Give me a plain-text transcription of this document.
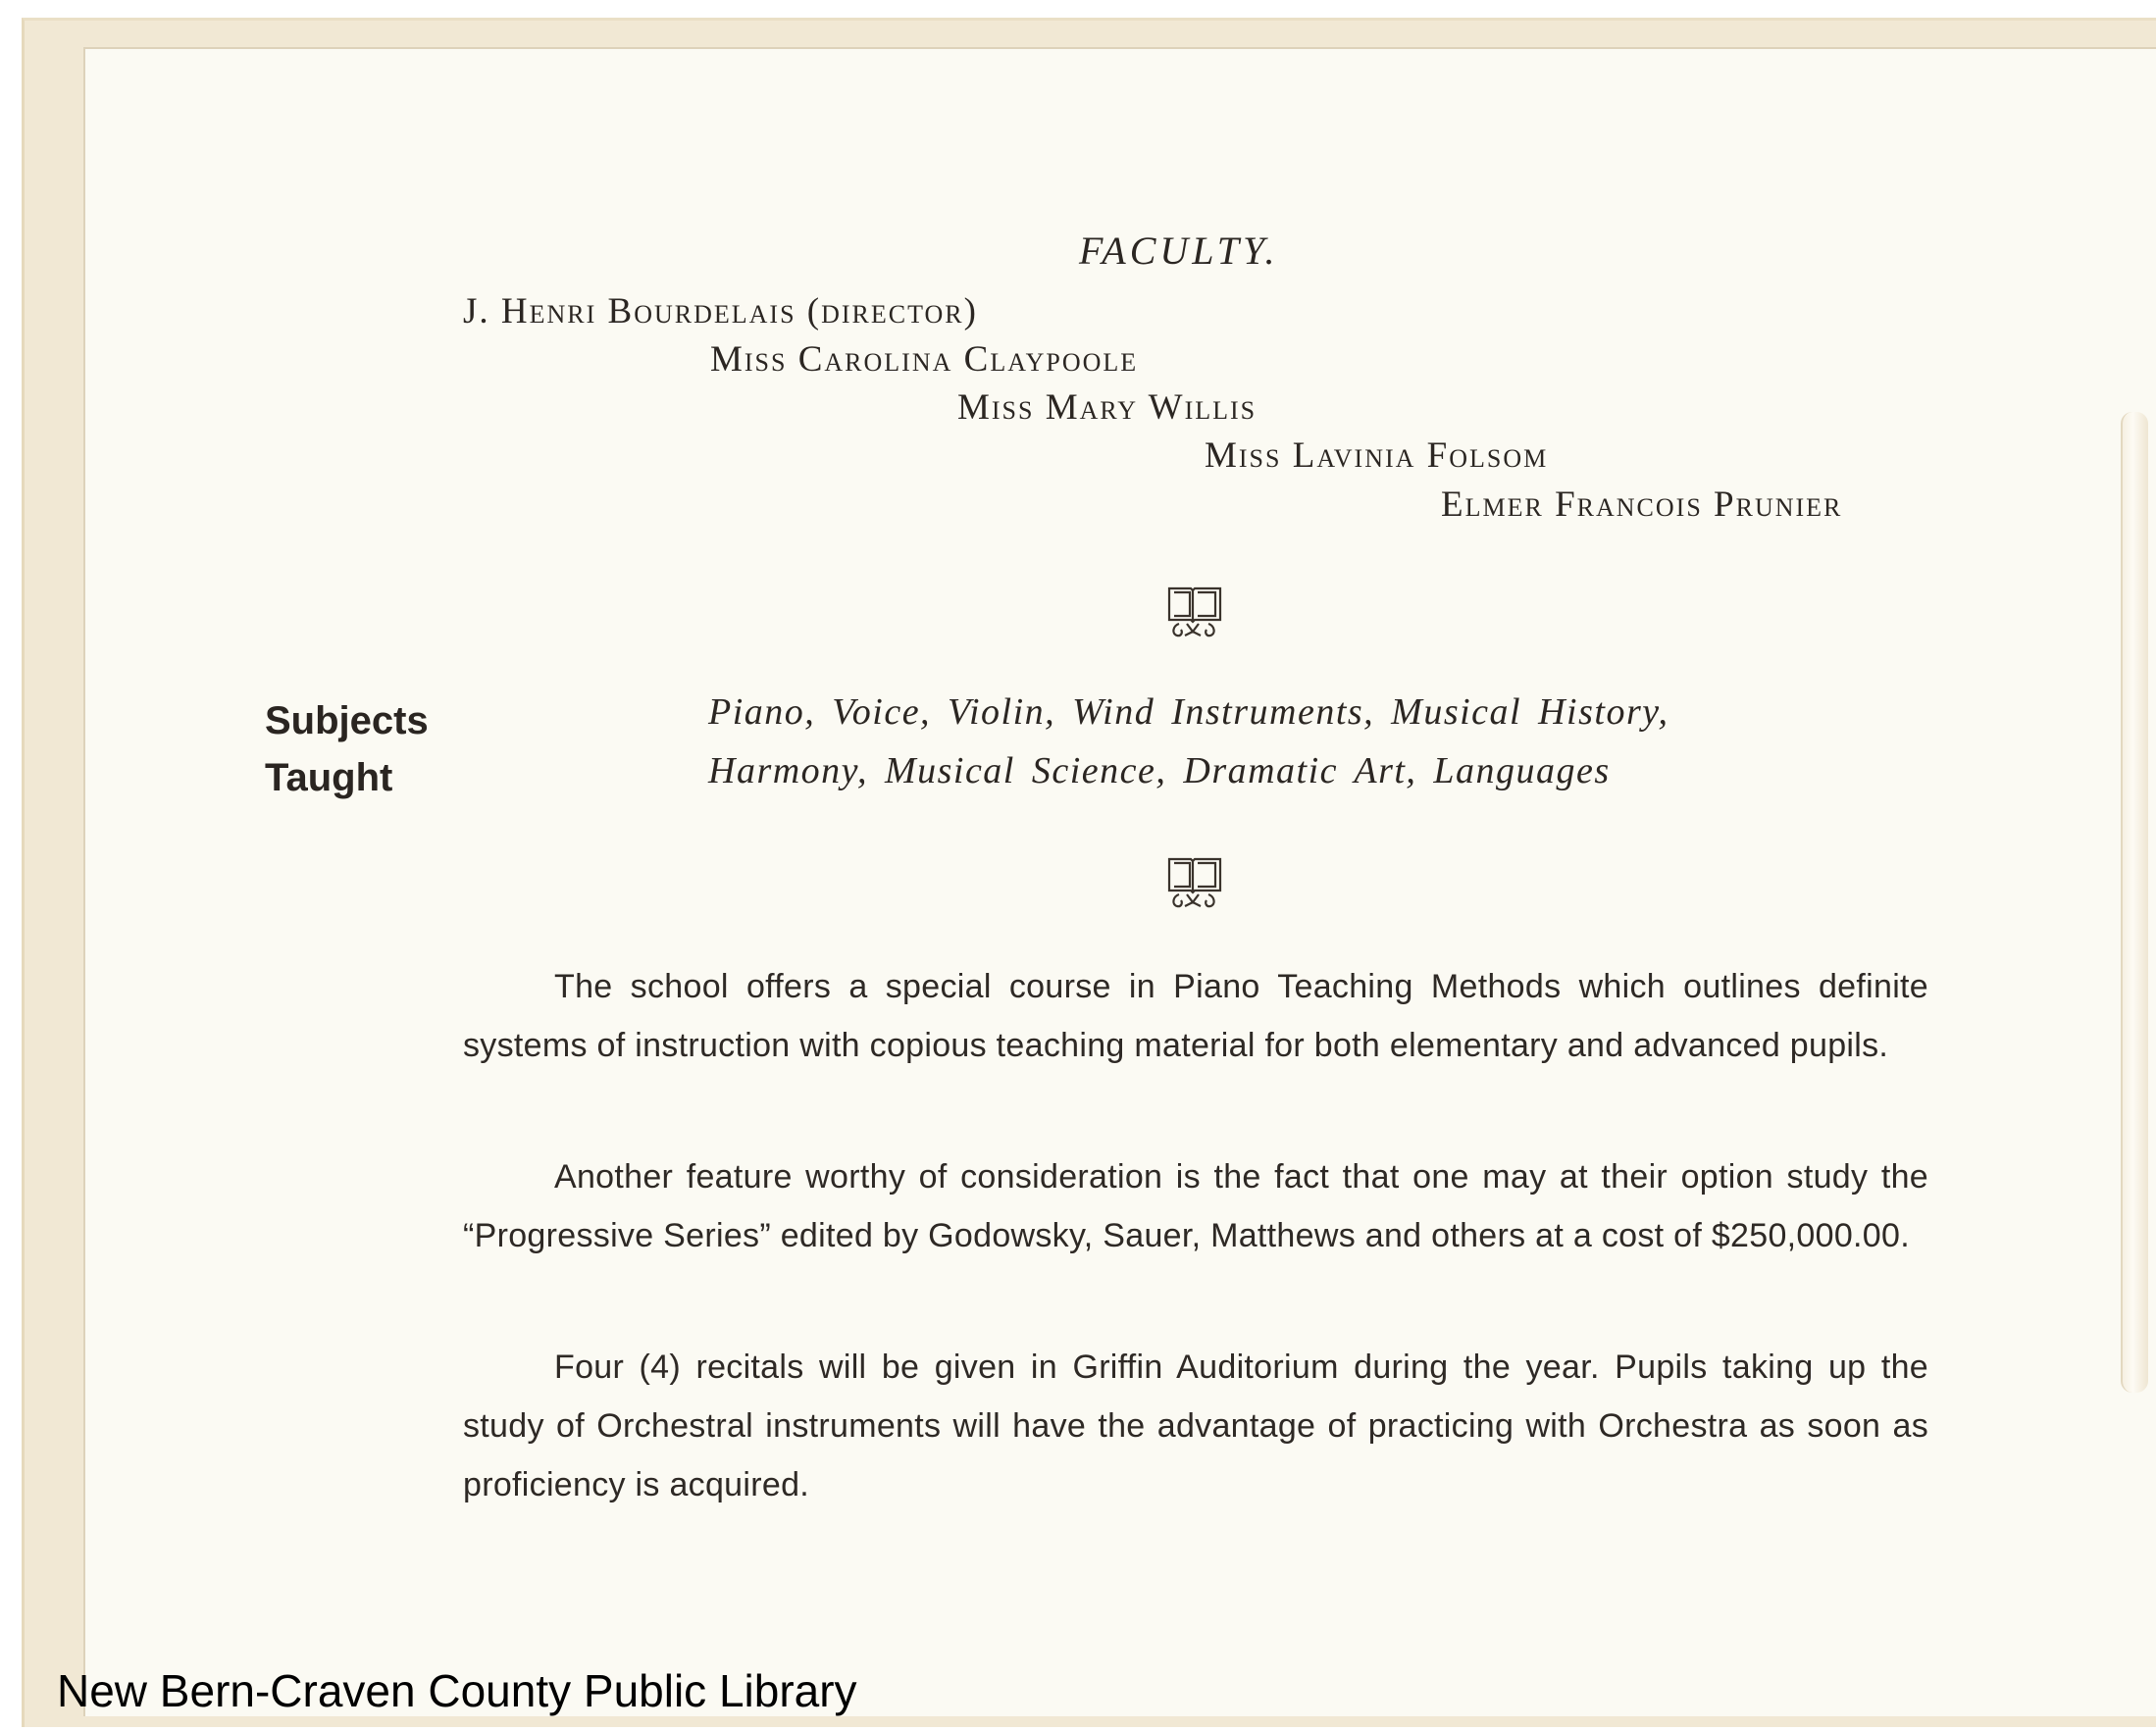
FACULTY.
J. Henri Bourdelais (director)
Miss Carolina Claypoole
Miss Mary Willis
Miss Lavinia Folsom
Elmer Francois Prunier
Subjects
Taught
Piano, Voice, Violin, Wind Instruments, Musical History,
Harmony, Musical Science, Dramatic Art, Languages
The school offers a special course in Piano Teaching Methods which outlines definite systems of instruction with copious teaching material for both elementary and advanced pupils.
Another feature worthy of consideration is the fact that one may at their option study the “Progressive Series” edited by Godowsky, Sauer, Matthews and others at a cost of $250,000.00.
Four (4) recitals will be given in Griffin Auditorium during the year. Pupils taking up the study of Orchestral instruments will have the advantage of practicing with Orchestra as soon as proficiency is acquired.
New Bern-Craven County Public Library
